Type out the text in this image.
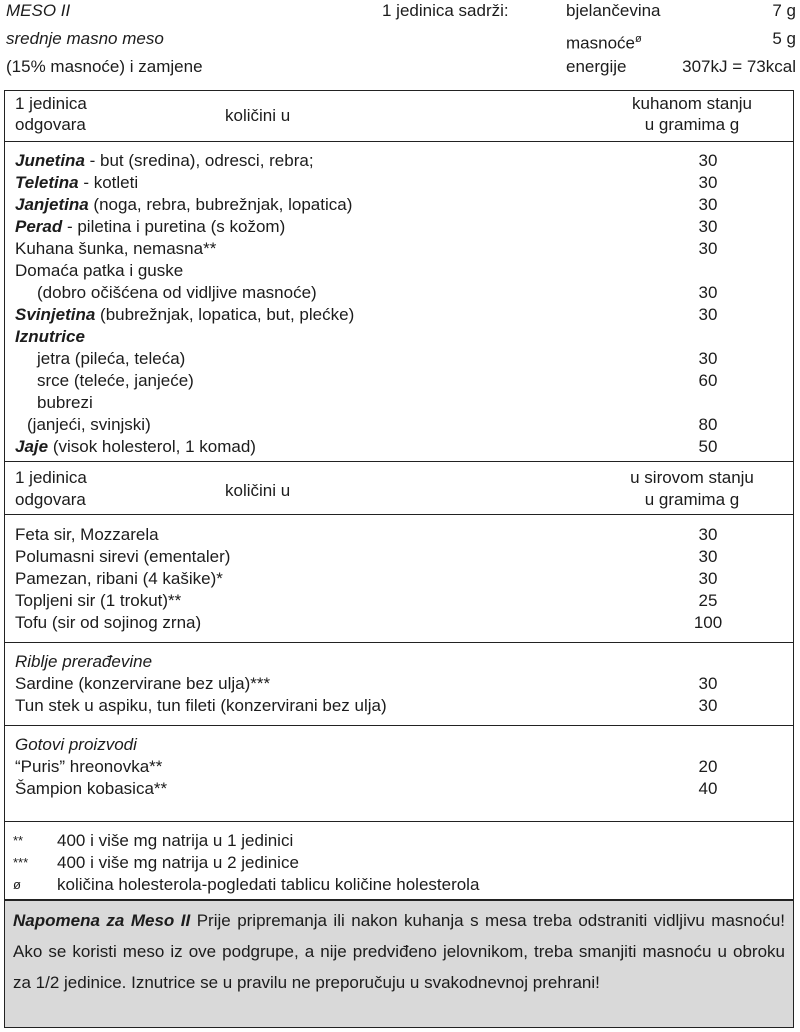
MESO II
srednje masno meso
(15% masnoće) i zamjene
1 jedinica sadrži:	bjelančevina	7 g
masnoće$^ø$	5 g
energije	307kJ = 73kcal
1 jedinica
odgovara	količini u
kuhanom stanju
u gramima g
Junetina - but (sredina), odresci, rebra;	30
Teletina - kotleti	30
Janjetina (noga, rebra, bubrežnjak, lopatica)	30
Perad - piletina i puretina (s kožom)	30
Kuhana šunka, nemasna**	30
Domaća patka i guske
(dobro očišćena od vidljive masnoće)	30
Svinjetina (bubrežnjak, lopatica, but, plećke)	30
Iznutrice
jetra (pileća, teleća)	30
srce (teleće, janjeće)	60
bubrezi
(janjeći, svinjski)	80
Jaje (visok holesterol, 1 komad)	50
1 jedinica
odgovara	količini u
u sirovom stanju
u gramima g
Feta sir, Mozzarela	30
Polumasni sirevi (ementaler)	30
Pamezan, ribani (4 kašike)*	30
Topljeni sir (1 trokut)**	25
Tofu (sir od sojinog zrna)	100
Riblje prerađevine
Sardine (konzervirane bez ulja)***	30
Tun stek u aspiku, tun fileti (konzervirani bez ulja)	30
Gotovi proizvodi
“Puris” hreonovka**	20
Šampion kobasica**	40
** 400 i više mg natrija u 1 jedinici
*** 400 i više mg natrija u 2 jedinice
ø količina holesterola-pogledati tablicu količine holesterola
Napomena za Meso II Prije pripremanja ili nakon kuhanja s mesa treba odstraniti vidljivu masnoću! Ako se koristi meso iz ove podgrupe, a nije predviđeno jelovnikom, treba smanjiti masnoću u obroku za 1/2 jedinice. Iznutrice se u pravilu ne preporučuju u svakodnevnoj prehrani!
